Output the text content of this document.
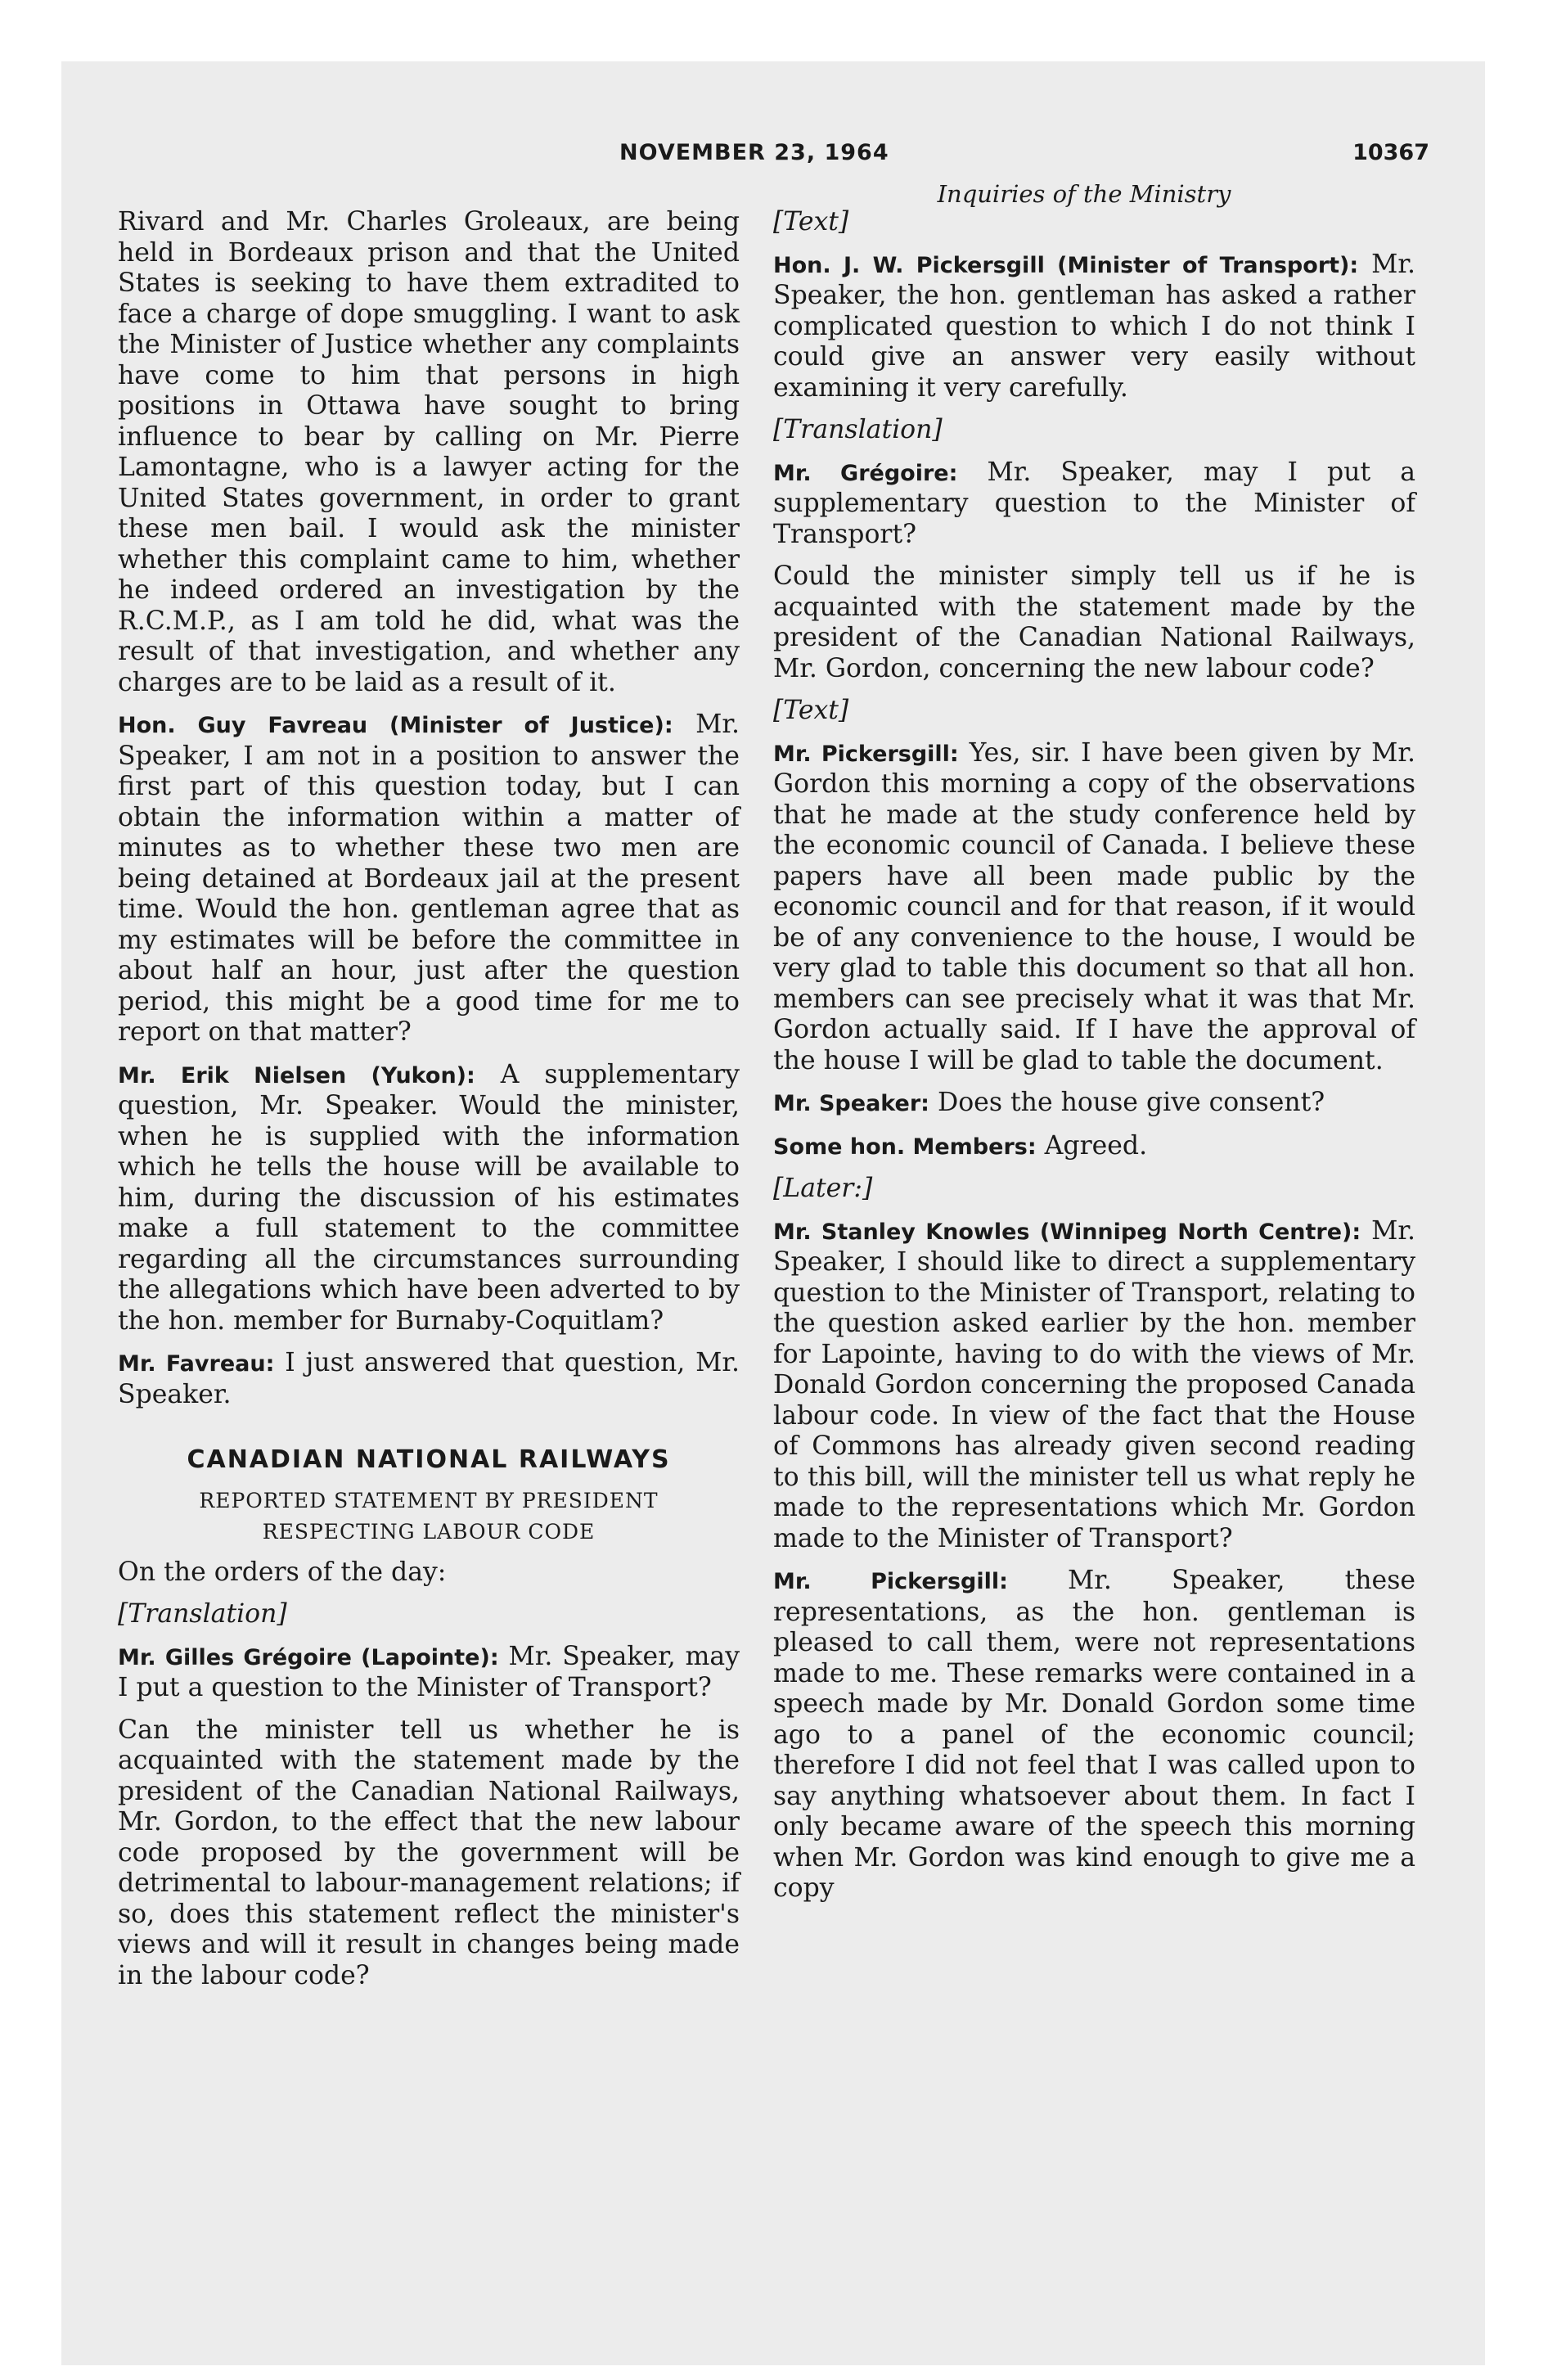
NOVEMBER 23, 1964	10367
Inquiries of the Ministry

Rivard and Mr. Charles Groleaux, are being held in Bordeaux prison and that the United States is seeking to have them extradited to face a charge of dope smuggling. I want to ask the Minister of Justice whether any complaints have come to him that persons in high positions in Ottawa have sought to bring influence to bear by calling on Mr. Pierre Lamontagne, who is a lawyer acting for the United States government, in order to grant these men bail. I would ask the minister whether this complaint came to him, whether he indeed ordered an investigation by the R.C.M.P., as I am told he did, what was the result of that investigation, and whether any charges are to be laid as a result of it.

Hon. Guy Favreau (Minister of Justice): Mr. Speaker, I am not in a position to answer the first part of this question today, but I can obtain the information within a matter of minutes as to whether these two men are being detained at Bordeaux jail at the present time. Would the hon. gentleman agree that as my estimates will be before the committee in about half an hour, just after the question period, this might be a good time for me to report on that matter?

Mr. Erik Nielsen (Yukon): A supplementary question, Mr. Speaker. Would the minister, when he is supplied with the information which he tells the house will be available to him, during the discussion of his estimates make a full statement to the committee regarding all the circumstances surrounding the allegations which have been adverted to by the hon. member for Burnaby-Coquitlam?

Mr. Favreau: I just answered that question, Mr. Speaker.

CANADIAN NATIONAL RAILWAYS
REPORTED STATEMENT BY PRESIDENT
RESPECTING LABOUR CODE

On the orders of the day:

[Translation]

Mr. Gilles Grégoire (Lapointe): Mr. Speaker, may I put a question to the Minister of Transport?

Can the minister tell us whether he is acquainted with the statement made by the president of the Canadian National Railways, Mr. Gordon, to the effect that the new labour code proposed by the government will be detrimental to labour-management relations; if so, does this statement reflect the minister's views and will it result in changes being made in the labour code?

[Text]

Hon. J. W. Pickersgill (Minister of Transport): Mr. Speaker, the hon. gentleman has asked a rather complicated question to which I do not think I could give an answer very easily without examining it very carefully.

[Translation]

Mr. Grégoire: Mr. Speaker, may I put a supplementary question to the Minister of Transport?

Could the minister simply tell us if he is acquainted with the statement made by the president of the Canadian National Railways, Mr. Gordon, concerning the new labour code?

[Text]

Mr. Pickersgill: Yes, sir. I have been given by Mr. Gordon this morning a copy of the observations that he made at the study conference held by the economic council of Canada. I believe these papers have all been made public by the economic council and for that reason, if it would be of any convenience to the house, I would be very glad to table this document so that all hon. members can see precisely what it was that Mr. Gordon actually said. If I have the approval of the house I will be glad to table the document.

Mr. Speaker: Does the house give consent?

Some hon. Members: Agreed.

[Later:]

Mr. Stanley Knowles (Winnipeg North Centre): Mr. Speaker, I should like to direct a supplementary question to the Minister of Transport, relating to the question asked earlier by the hon. member for Lapointe, having to do with the views of Mr. Donald Gordon concerning the proposed Canada labour code. In view of the fact that the House of Commons has already given second reading to this bill, will the minister tell us what reply he made to the representations which Mr. Gordon made to the Minister of Transport?

Mr. Pickersgill: Mr. Speaker, these representations, as the hon. gentleman is pleased to call them, were not representations made to me. These remarks were contained in a speech made by Mr. Donald Gordon some time ago to a panel of the economic council; therefore I did not feel that I was called upon to say anything whatsoever about them. In fact I only became aware of the speech this morning when Mr. Gordon was kind enough to give me a copy
